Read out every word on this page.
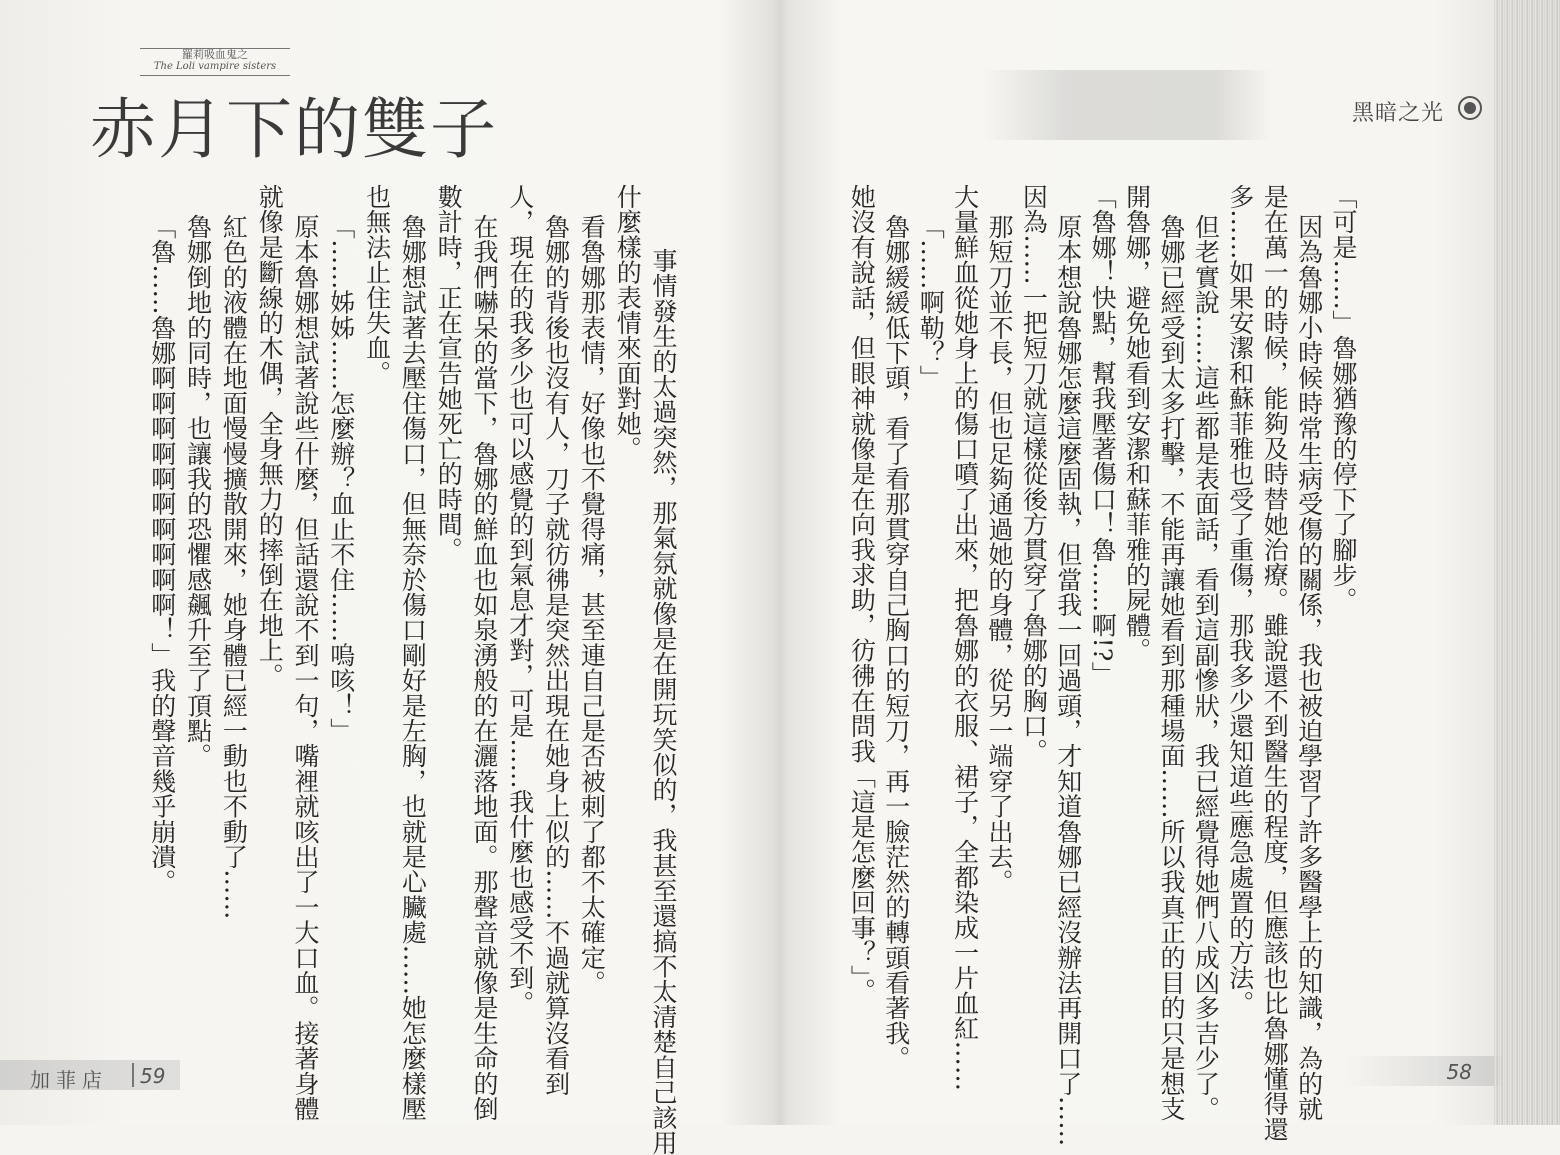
羅莉吸血鬼之
The Loli vampire sisters
赤月下的雙子
事情發生的太過突然，那氣氛就像是在開玩笑似的，我甚至還搞不太清楚自己該用
什麼樣的表情來面對她。
看魯娜那表情，好像也不覺得痛，甚至連自己是否被刺了都不太確定。
魯娜的背後也沒有人，刀子就彷彿是突然出現在她身上似的……不過就算沒看到
人，現在的我多少也可以感覺的到氣息才對，可是……我什麼也感受不到。
在我們嚇呆的當下，魯娜的鮮血也如泉湧般的在灑落地面。那聲音就像是生命的倒
數計時，正在宣告她死亡的時間。
魯娜想試著去壓住傷口，但無奈於傷口剛好是左胸，也就是心臟處……她怎麼樣壓
也無法止住失血。
「……姊姊……怎麼辦？血止不住……嗚咳！」
原本魯娜想試著說些什麼，但話還說不到一句，嘴裡就咳出了一大口血。接著身體
就像是斷線的木偶，全身無力的摔倒在地上。
紅色的液體在地面慢慢擴散開來，她身體已經一動也不動了……
魯娜倒地的同時，也讓我的恐懼感飆升至了頂點。
「魯……魯娜啊啊啊啊啊啊啊啊啊啊！」我的聲音幾乎崩潰。
加菲店 59
黑暗之光
「可是……」魯娜猶豫的停下了腳步。
因為魯娜小時候時常生病受傷的關係，我也被迫學習了許多醫學上的知識，為的就
是在萬一的時候，能夠及時替她治療。雖說還不到醫生的程度，但應該也比魯娜懂得還
多……如果安潔和蘇菲雅也受了重傷，那我多少還知道些應急處置的方法。
但老實說……這些都是表面話，看到這副慘狀，我已經覺得她們八成凶多吉少了。
魯娜已經受到太多打擊，不能再讓她看到那種場面……所以我真正的目的只是想支
開魯娜，避免她看到安潔和蘇菲雅的屍體。
「魯娜！快點，幫我壓著傷口！魯……啊!?」
原本想說魯娜怎麼這麼固執，但當我一回過頭，才知道魯娜已經沒辦法再開口了……
因為……一把短刀就這樣從後方貫穿了魯娜的胸口。
那短刀並不長，但也足夠通過她的身體，從另一端穿了出去。
大量鮮血從她身上的傷口噴了出來，把魯娜的衣服、裙子，全都染成一片血紅……
「……啊勒？」
魯娜緩緩低下頭，看了看那貫穿自己胸口的短刀，再一臉茫然的轉頭看著我。
她沒有說話，但眼神就像是在向我求助，彷彿在問我「這是怎麼回事？」。
58
